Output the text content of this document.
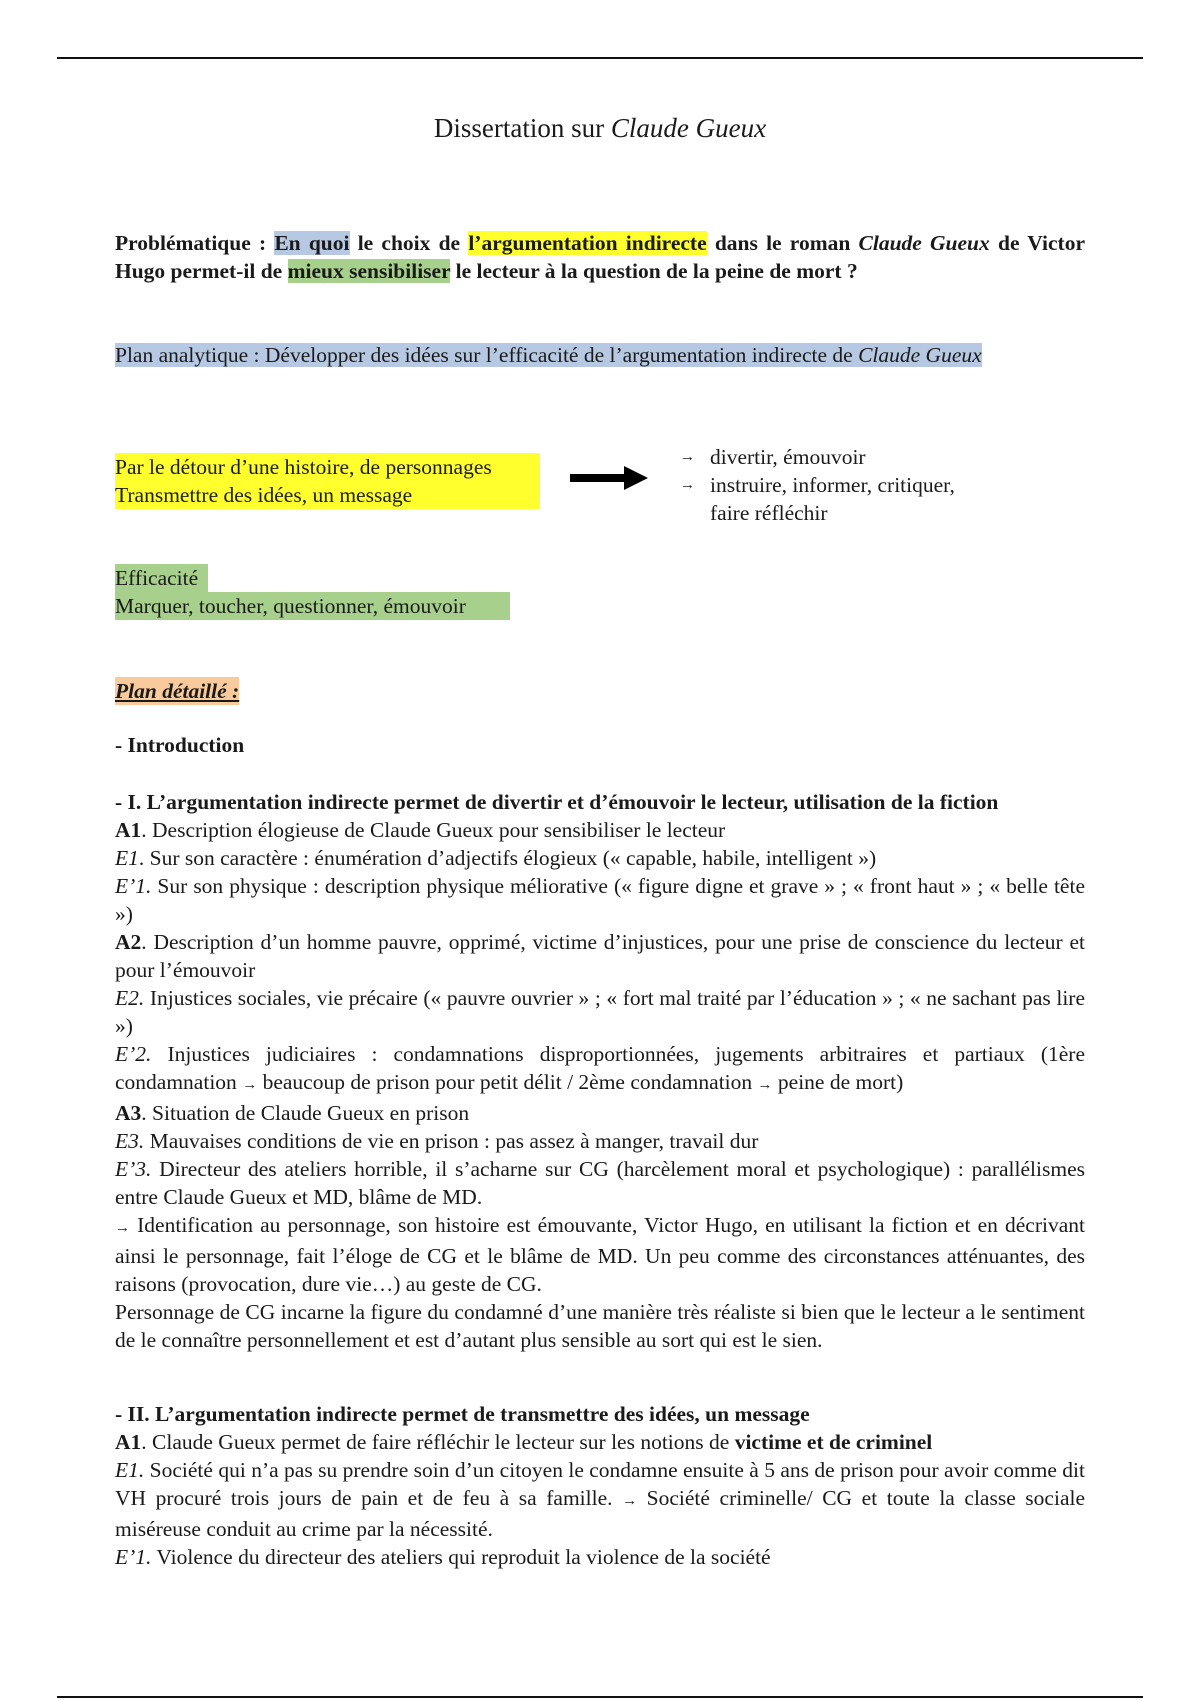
Dissertation sur Claude Gueux
Problématique : En quoi le choix de l’argumentation indirecte dans le roman Claude Gueux de Victor Hugo permet-il de mieux sensibiliser le lecteur à la question de la peine de mort ?
Plan analytique : Développer des idées sur l’efficacité de l’argumentation indirecte de Claude Gueux
Par le détour d’une histoire, de personnages
Transmettre des idées, un message
→ divertir, émouvoir
→ instruire, informer, critiquer,
faire réfléchir
Efficacité
Marquer, toucher, questionner, émouvoir
Plan détaillé :
- Introduction

- I. L’argumentation indirecte permet de divertir et d’émouvoir le lecteur, utilisation de la fiction

A1. Description élogieuse de Claude Gueux pour sensibiliser le lecteur

E1. Sur son caractère : énumération d’adjectifs élogieux (« capable, habile, intelligent »)

E’1. Sur son physique : description physique méliorative (« figure digne et grave » ; « front haut » ; « belle tête »)

A2. Description d’un homme pauvre, opprimé, victime d’injustices, pour une prise de conscience du lecteur et pour l’émouvoir

E2. Injustices sociales, vie précaire (« pauvre ouvrier » ; « fort mal traité par l’éducation » ; « ne sachant pas lire »)

E’2. Injustices judiciaires : condamnations disproportionnées, jugements arbitraires et partiaux (1ère condamnation → beaucoup de prison pour petit délit / 2ème condamnation → peine de mort)

A3. Situation de Claude Gueux en prison

E3. Mauvaises conditions de vie en prison : pas assez à manger, travail dur

E’3. Directeur des ateliers horrible, il s’acharne sur CG (harcèlement moral et psychologique) : parallélismes entre Claude Gueux et MD, blâme de MD.

→ Identification au personnage, son histoire est émouvante, Victor Hugo, en utilisant la fiction et en décrivant ainsi le personnage, fait l’éloge de CG et le blâme de MD. Un peu comme des circonstances atténuantes, des raisons (provocation, dure vie…) au geste de CG.

Personnage de CG incarne la figure du condamné d’une manière très réaliste si bien que le lecteur a le sentiment de le connaître personnellement et est d’autant plus sensible au sort qui est le sien.

- II. L’argumentation indirecte permet de transmettre des idées, un message

A1. Claude Gueux permet de faire réfléchir le lecteur sur les notions de victime et de criminel

E1. Société qui n’a pas su prendre soin d’un citoyen le condamne ensuite à 5 ans de prison pour avoir comme dit VH procuré trois jours de pain et de feu à sa famille. → Société criminelle/ CG et toute la classe sociale miséreuse conduit au crime par la nécessité.

E’1. Violence du directeur des ateliers qui reproduit la violence de la société
